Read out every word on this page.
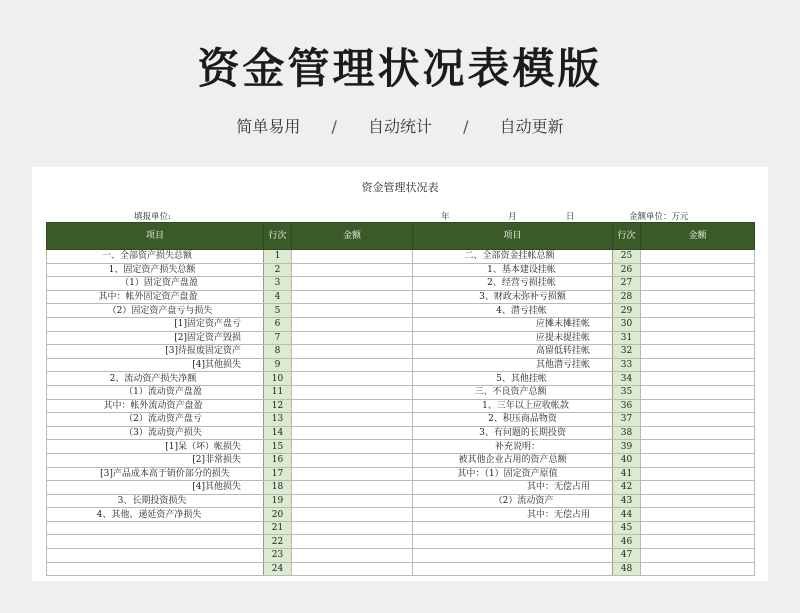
资金管理状况表模版
简单易用 / 自动统计 / 自动更新
资金管理状况表
填报单位:	年	月	日	金额单位：万元
项目	行次	金额	项目	行次	金额
一、全部资产损失总额	1		二、全部资金挂帐总额	25	
1、固定资产损失总额	2		1、基本建设挂帐	26	
（1）固定资产盘盈	3		2、经营亏损挂帐	27	
其中：帐外固定资产盘盈	4		3、财政未弥补亏损额	28	
（2）固定资产盘亏与损失	5		4、潜亏挂帐	29	
[1]固定资产盘亏	6		应摊未摊挂帐	30	
[2]固定资产毁损	7		应提未提挂帐	31	
[3]待报废固定资产	8		高留低转挂帐	32	
[4]其他损失	9		其他潜亏挂帐	33	
2、流动资产损失净额	10		5、其他挂帐	34	
（1）流动资产盘盈	11		三、不良资产总额	35	
其中：帐外流动资产盘盈	12		1、三年以上应收帐款	36	
（2）流动资产盘亏	13		2、积压商品物资	37	
（3）流动资产损失	14		3、有问题的长期投资	38	
[1]呆（坏）帐损失	15		补充说明：	39	
[2]非常损失	16		被其他企业占用的资产总额	40	
[3]产品成本高于销价部分的损失	17		其中：（1）固定资产原值	41	
[4]其他损失	18		其中：无偿占用	42	
3、长期投资损失	19		（2）流动资产	43	
4、其他、递延资产净损失	20		其中：无偿占用	44	
	21			45	
	22			46	
	23			47	
	24			48	
